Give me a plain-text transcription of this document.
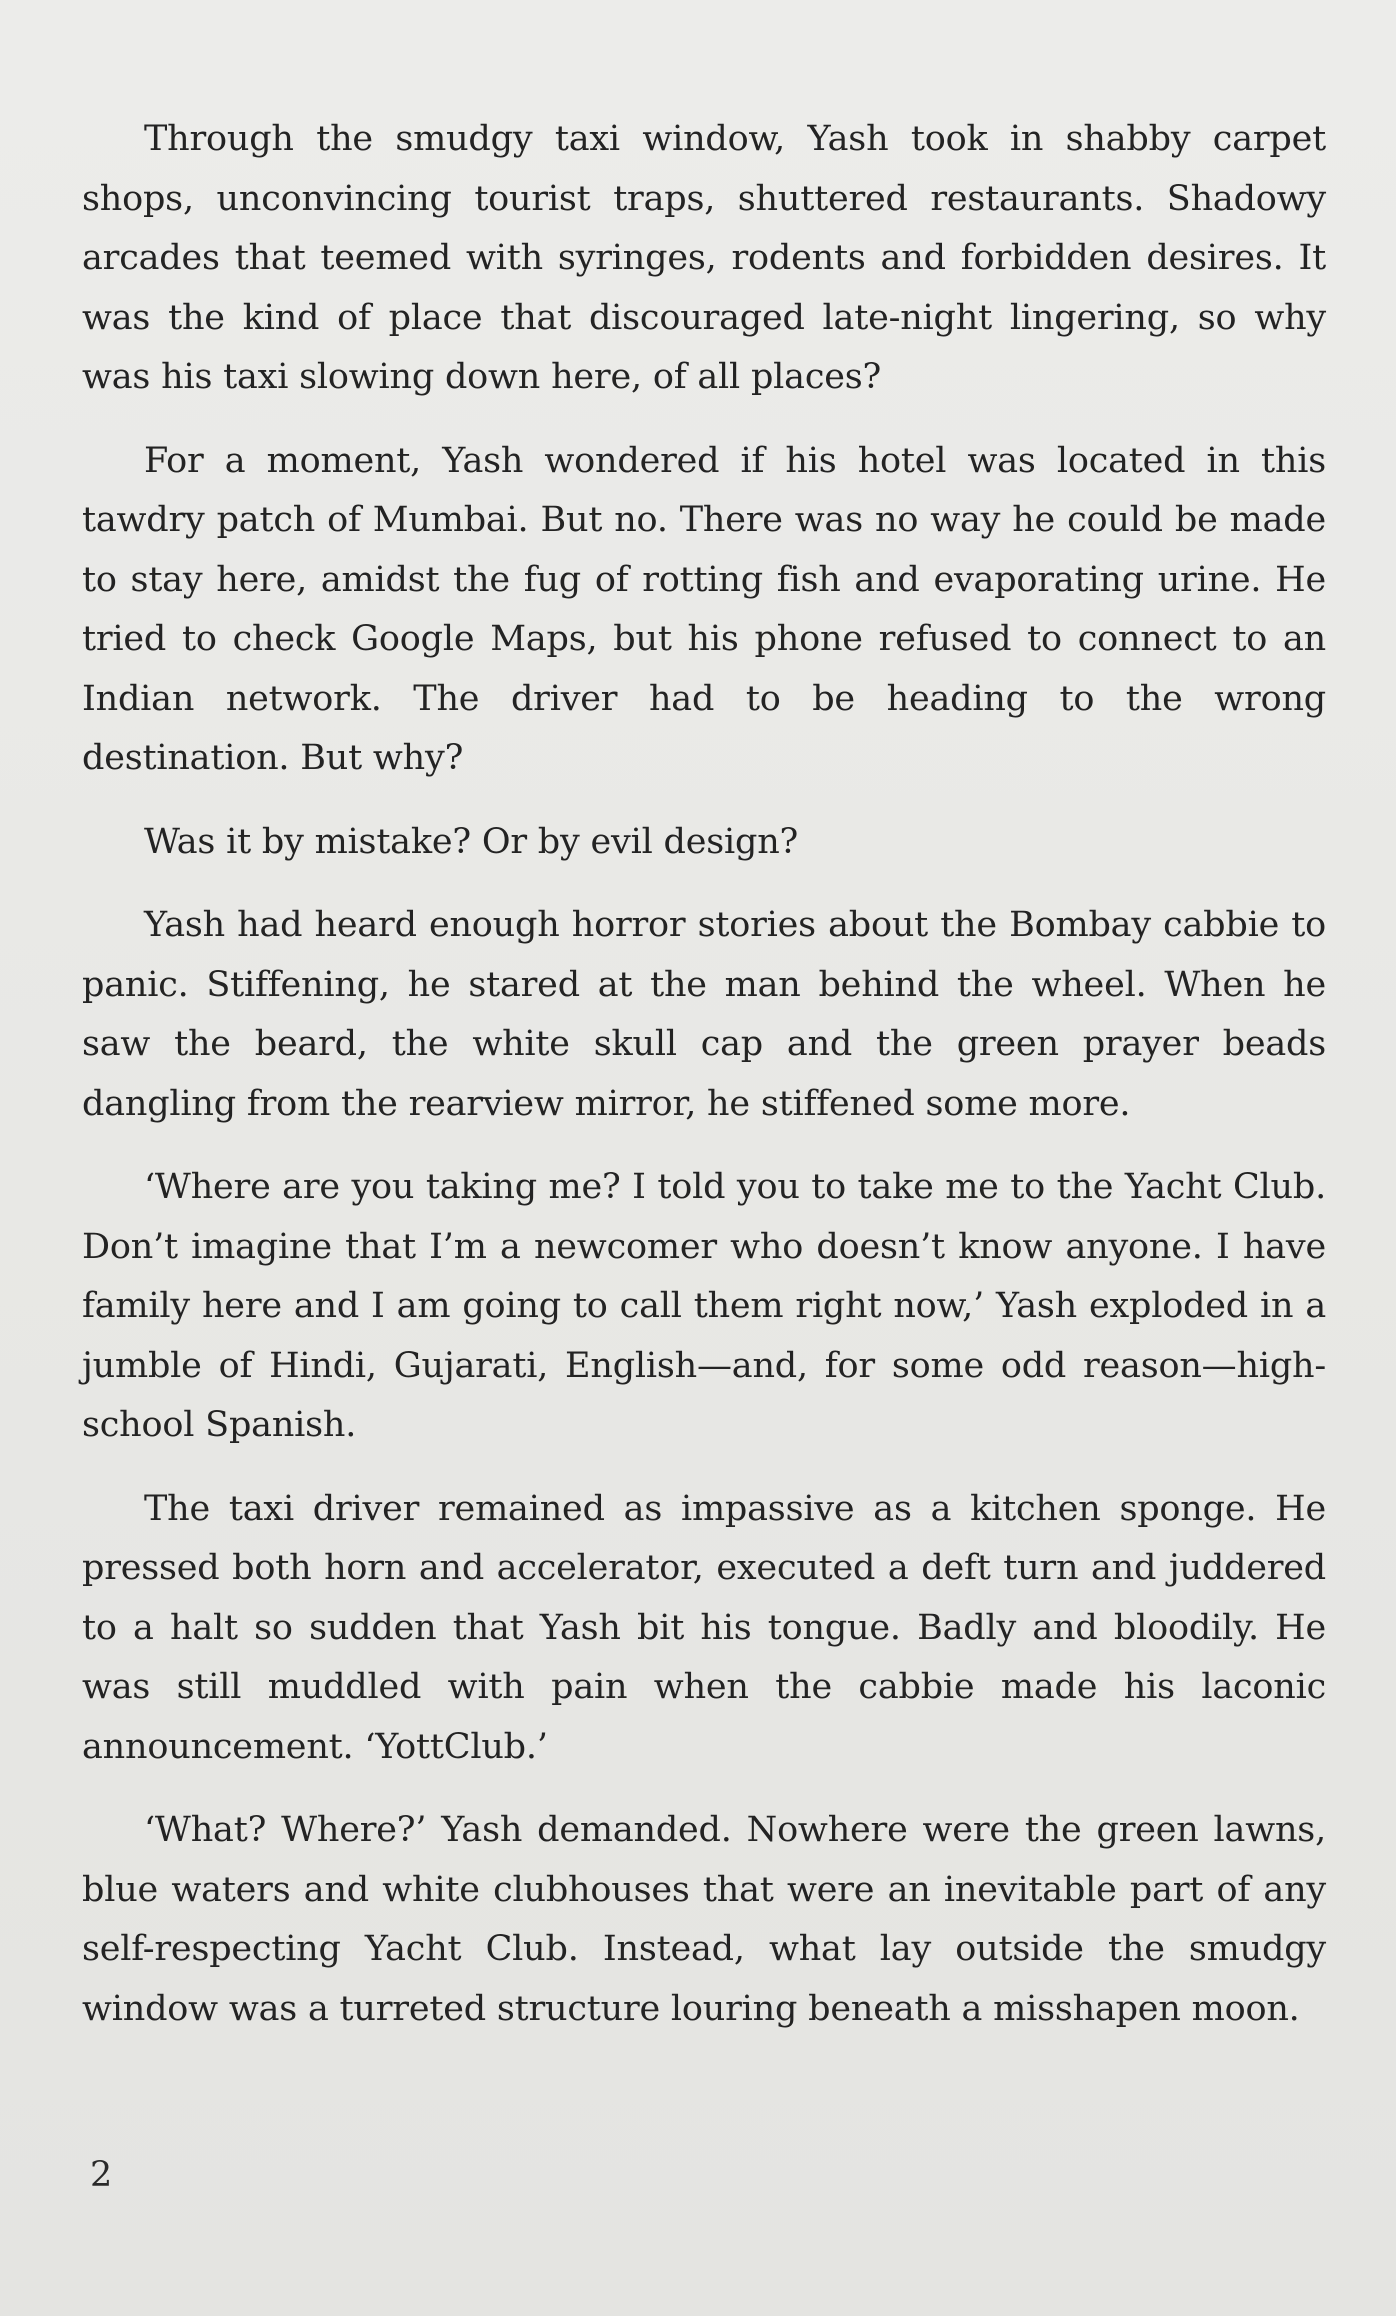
Through the smudgy taxi window, Yash took in shabby carpet shops, unconvincing tourist traps, shuttered restaurants. Shadowy arcades that teemed with syringes, rodents and forbidden desires. It was the kind of place that discouraged late-night lingering, so why was his taxi slowing down here, of all places?

For a moment, Yash wondered if his hotel was located in this tawdry patch of Mumbai. But no. There was no way he could be made to stay here, amidst the fug of rotting fish and evaporating urine. He tried to check Google Maps, but his phone refused to connect to an Indian network. The driver had to be heading to the wrong destination. But why?

Was it by mistake? Or by evil design?

Yash had heard enough horror stories about the Bombay cabbie to panic. Stiffening, he stared at the man behind the wheel. When he saw the beard, the white skull cap and the green prayer beads dangling from the rearview mirror, he stiffened some more.

‘Where are you taking me? I told you to take me to the Yacht Club. Don’t imagine that I’m a newcomer who doesn’t know anyone. I have family here and I am going to call them right now,’ Yash exploded in a jumble of Hindi, Gujarati, English—and, for some odd reason—high-school Spanish.

The taxi driver remained as impassive as a kitchen sponge. He pressed both horn and accelerator, executed a deft turn and juddered to a halt so sudden that Yash bit his tongue. Badly and bloodily. He was still muddled with pain when the cabbie made his laconic announcement. ‘YottClub.’

‘What? Where?’ Yash demanded. Nowhere were the green lawns, blue waters and white clubhouses that were an inevitable part of any self-respecting Yacht Club. Instead, what lay outside the smudgy window was a turreted structure louring beneath a misshapen moon.

2
